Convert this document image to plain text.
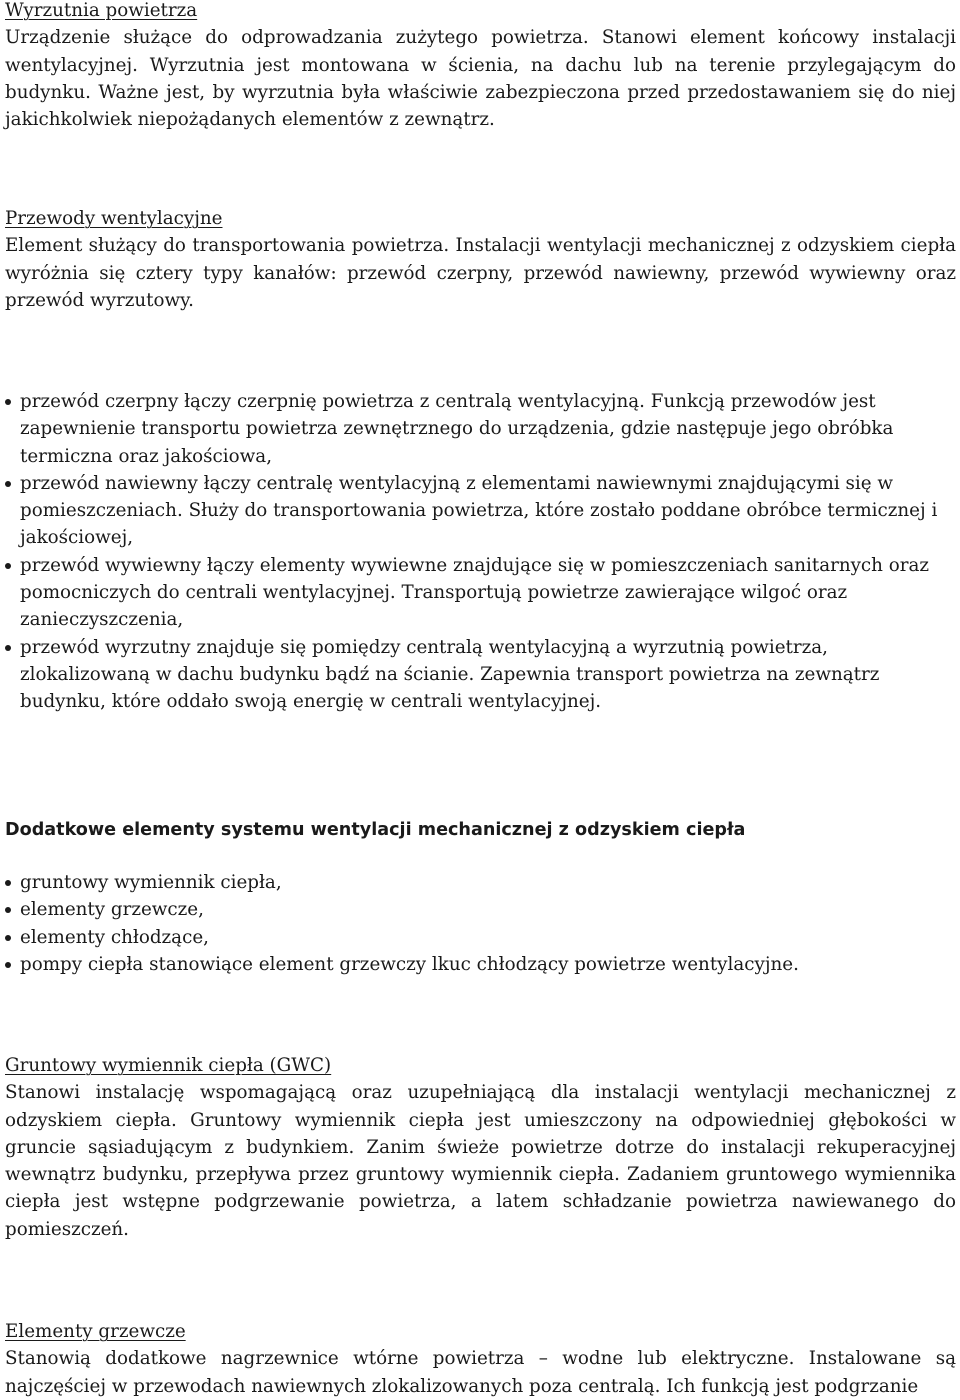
Wyrzutnia powietrza

Urządzenie służące do odprowadzania zużytego powietrza. Stanowi element końcowy instalacji wentylacyjnej. Wyrzutnia jest montowana w ścienia, na dachu lub na terenie przylegającym do budynku. Ważne jest, by wyrzutnia była właściwie zabezpieczona przed przedostawaniem się do niej jakichkolwiek niepożądanych elementów z zewnątrz.

Przewody wentylacyjne

Element służący do transportowania powietrza. Instalacji wentylacji mechanicznej z odzyskiem ciepła wyróżnia się cztery typy kanałów: przewód czerpny, przewód nawiewny, przewód wywiewny oraz przewód wyrzutowy.

przewód czerpny łączy czerpnię powietrza z centralą wentylacyjną. Funkcją przewodów jest zapewnienie transportu powietrza zewnętrznego do urządzenia, gdzie następuje jego obróbka termiczna oraz jakościowa,
przewód nawiewny łączy centralę wentylacyjną z elementami nawiewnymi znajdującymi się w pomieszczeniach. Służy do transportowania powietrza, które zostało poddane obróbce termicznej i jakościowej,
przewód wywiewny łączy elementy wywiewne znajdujące się w pomieszczeniach sanitarnych oraz pomocniczych do centrali wentylacyjnej. Transportują powietrze zawierające wilgoć oraz zanieczyszczenia,
przewód wyrzutny znajduje się pomiędzy centralą wentylacyjną a wyrzutnią powietrza, zlokalizowaną w dachu budynku bądź na ścianie. Zapewnia transport powietrza na zewnątrz budynku, które oddało swoją energię w centrali wentylacyjnej.
Dodatkowe elementy systemu wentylacji mechanicznej z odzyskiem ciepła
gruntowy wymiennik ciepła,
elementy grzewcze,
elementy chłodzące,
pompy ciepła stanowiące element grzewczy lkuc chłodzący powietrze wentylacyjne.
Gruntowy wymiennik ciepła (GWC)

Stanowi instalację wspomagającą oraz uzupełniającą dla instalacji wentylacji mechanicznej z odzyskiem ciepła. Gruntowy wymiennik ciepła jest umieszczony na odpowiedniej głębokości w gruncie sąsiadującym z budynkiem. Zanim świeże powietrze dotrze do instalacji rekuperacyjnej wewnątrz budynku, przepływa przez gruntowy wymiennik ciepła. Zadaniem gruntowego wymiennika ciepła jest wstępne podgrzewanie powietrza, a latem schładzanie powietrza nawiewanego do pomieszczeń.

Elementy grzewcze

Stanowią dodatkowe nagrzewnice wtórne powietrza – wodne lub elektryczne. Instalowane są najczęściej w przewodach nawiewnych zlokalizowanych poza centralą. Ich funkcją jest podgrzanie
